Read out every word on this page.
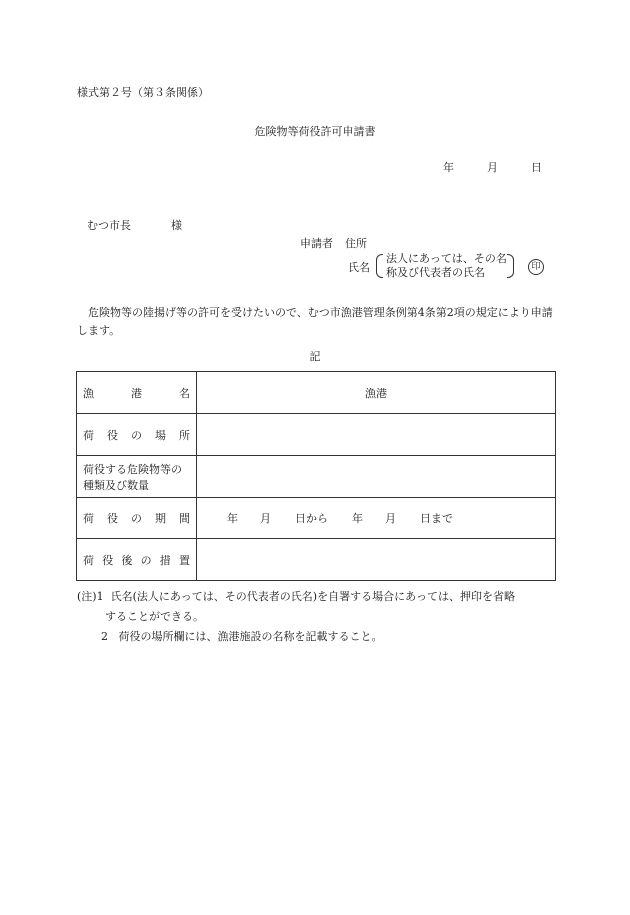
様式第２号（第３条関係）
危険物等荷役許可申請書
年	月	日
むつ市長	様
申請者 住所
氏名
法人にあっては、その名
称及び代表者の氏名	印
危険物等の陸揚げ等の許可を受けたいので、むつ市漁港管理条例第4条第2項の規定により申請します。
記
漁港名	漁港

荷役の場所	

荷役する危険物等の
種類及び数量	

荷役の期間	年 月 日から 年 月 日まで

荷役後の措置	

(注)1 氏名(法人にあっては、その代表者の氏名)を自署する場合にあっては、押印を省略
することができる。
2 荷役の場所欄には、漁港施設の名称を記載すること。
